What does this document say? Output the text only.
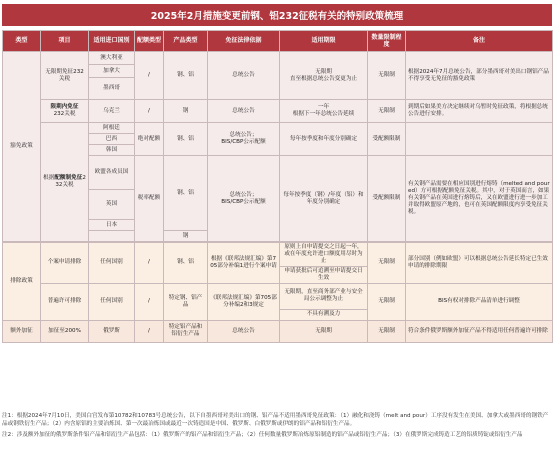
2025年2月措施变更前钢、铝232征税有关的特别政策梳理
类型	项目	适用进口国别	配额类型	产品类型	免征法律依据	适用期限	数量限制程度	备注
豁免政策	无限期免征232关税	澳大利亚	/	钢、铝	总统公告	无限期
直至根据总统公告变更为止	无限制	根据2024年7月总统公告，部分墨西哥对美出口钢铝产品不得享受无免征的豁免政策
		加拿大						
		墨西哥						
	限期内免征
232关税	乌克兰	/	钢	总统公告	一年
根据下一年总统公告延续	无限制	到期后如果美方决定继续对乌暂时免征政策，将根据总统公告进行安排。
	根据配额制免征232关税	阿根廷	绝对配额	钢、铝	总统公告；
BIS/CBP公示配额	每年按季度和年度分别确定	受配额限制	
		巴西						
		韩国						
		欧盟各成员国	税率配额	钢、铝	总统公告；
BIS/CBP公示配额	每年按季度（钢）/年度（铝）和年度分别确定	受配额限制	有关钢产品需要在相应国别进行熔铸（melted and poured）方可根据配额免征关税。其中，对于英国而言，如果有关钢产品在英国进行熔铸后，又在欧盟进行进一步加工并取得欧盟原产地的，也可在英国配额限度内享受免征关税。
		英国						
		日本						
				钢				

排除政策	个案申请排除	任何国别	/	钢、铝	根据《联邦法规汇编》第705部分补编1进行个案申请	原则上自申请提交之日起一年，或在年度允许进口额度用尽时为止	无限制	部分国别（例如欧盟）可以根据总统公告延长特定已生效申请的排除期限
						申请获批后可追溯至申请提交日生效		
	普遍许可排除	任何国别	/	特定钢、铝产品	《联邦法规汇编》第705部分补编2和3规定	无限期，直至商务部产业与安全局公示调整为止	无限制	BIS有权对排除产品清单进行调整
						不具有溯及力		
额外加征	加征至200%	俄罗斯	/	特定铝产品和铝衍生产品	总统公告	无限期	无限制	符合条件俄罗斯额外加征产品不得适用任何普遍许可排除

注1：根据2024年7月10日，美国白宫发布第10782和10783号总统公告，以下自墨西哥对美出口的钢、铝产品不适用墨西哥免征政策：（1）融化和浇铸（melt and pour）工序没有发生在美国、加拿大或墨西哥的钢铁产品或钢铁衍生产品；（2）内含原铝的主要冶炼国、第一次最冶炼国或最近一次铸造国是中国、俄罗斯、白俄罗斯或伊朗的铝产品和铝衍生产品。

注2：涉及额外加征的俄罗斯条件铝产品和铝衍生产品包括：（1）俄罗斯产的铝产品和铝衍生产品；（2）任何数量俄罗斯冶炼原铝制造的铝产品或铝衍生产品；（3）在俄罗斯完成铸造工艺的铝质铸锭或铝衍生产品
